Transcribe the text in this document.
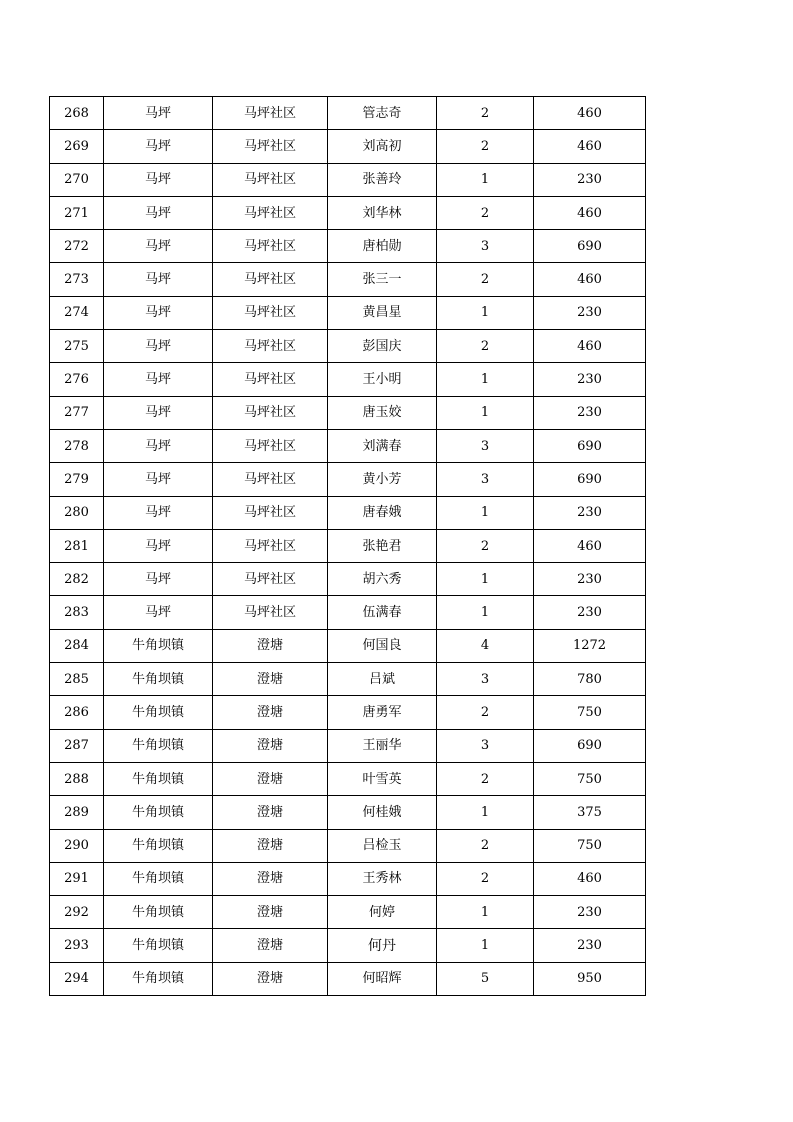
268	马坪	马坪社区	管志奇	2	460
269	马坪	马坪社区	刘高初	2	460
270	马坪	马坪社区	张善玲	1	230
271	马坪	马坪社区	刘华林	2	460
272	马坪	马坪社区	唐柏勋	3	690
273	马坪	马坪社区	张三一	2	460
274	马坪	马坪社区	黄昌星	1	230
275	马坪	马坪社区	彭国庆	2	460
276	马坪	马坪社区	王小明	1	230
277	马坪	马坪社区	唐玉姣	1	230
278	马坪	马坪社区	刘满春	3	690
279	马坪	马坪社区	黄小芳	3	690
280	马坪	马坪社区	唐春娥	1	230
281	马坪	马坪社区	张艳君	2	460
282	马坪	马坪社区	胡六秀	1	230
283	马坪	马坪社区	伍满春	1	230
284	牛角坝镇	澄塘	何国良	4	1272
285	牛角坝镇	澄塘	吕斌	3	780
286	牛角坝镇	澄塘	唐勇军	2	750
287	牛角坝镇	澄塘	王丽华	3	690
288	牛角坝镇	澄塘	叶雪英	2	750
289	牛角坝镇	澄塘	何桂娥	1	375
290	牛角坝镇	澄塘	吕检玉	2	750
291	牛角坝镇	澄塘	王秀林	2	460
292	牛角坝镇	澄塘	何婷	1	230
293	牛角坝镇	澄塘	何丹	1	230
294	牛角坝镇	澄塘	何昭辉	5	950
